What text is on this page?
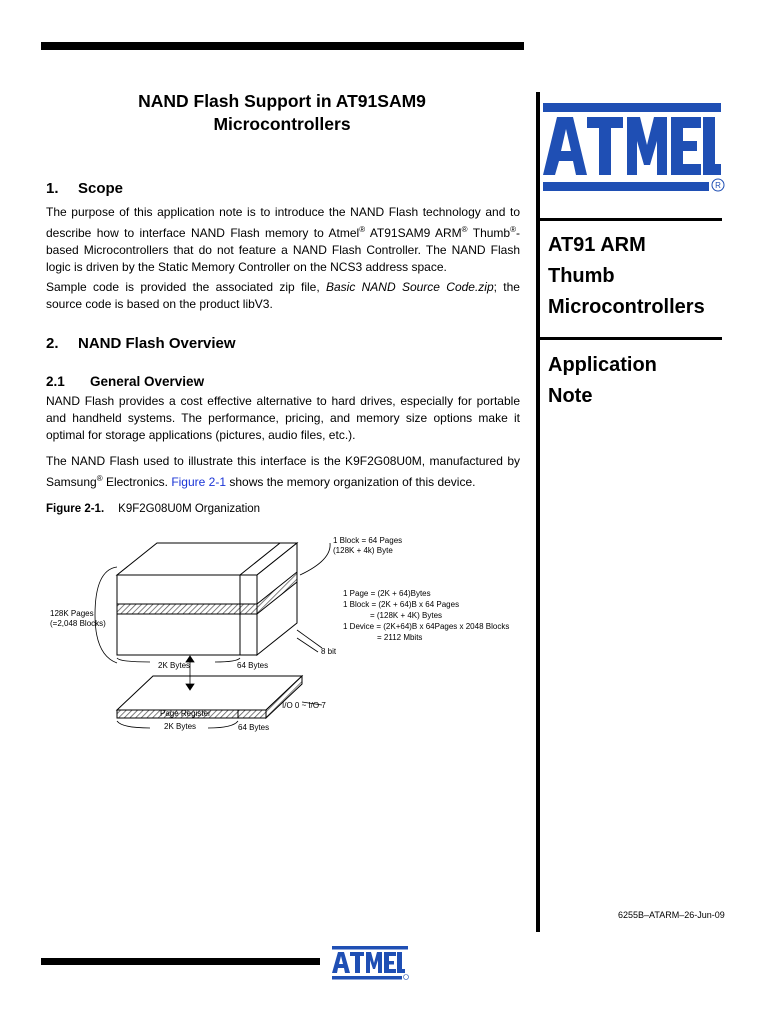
NAND Flash Support in AT91SAM9
Microcontrollers
R
AT91 ARM
Thumb
Microcontrollers
Application
Note
1. Scope

The purpose of this application note is to introduce the NAND Flash technology and to describe how to interface NAND Flash memory to Atmel® AT91SAM9 ARM® Thumb®-based Microcontrollers that do not feature a NAND Flash Controller. The NAND Flash logic is driven by the Static Memory Controller on the NCS3 address space.

Sample code is provided the associated zip file, Basic NAND Source Code.zip; the source code is based on the product libV3.

2. NAND Flash Overview
2.1 General Overview

NAND Flash provides a cost effective alternative to hard drives, especially for portable and handheld systems. The performance, pricing, and memory size options make it optimal for storage applications (pictures, audio files, etc.).

The NAND Flash used to illustrate this interface is the K9F2G08U0M, manufactured by Samsung® Electronics. Figure 2-1 shows the memory organization of this device.

Figure 2-1. K9F2G08U0M Organization
1 Block = 64 Pages
(128K + 4k) Byte
128K Pages
(=2,048 Blocks)
1 Page = (2K + 64)Bytes
1 Block = (2K + 64)B x 64 Pages
= (128K + 4K) Bytes
1 Device = (2K+64)B x 64Pages x 2048 Blocks
= 2112 Mbits
8 bit
2K Bytes	64 Bytes
Page Register
I/O 0 ~ I/O 7
2K Bytes	64 Bytes
6255B–ATARM–26-Jun-09
